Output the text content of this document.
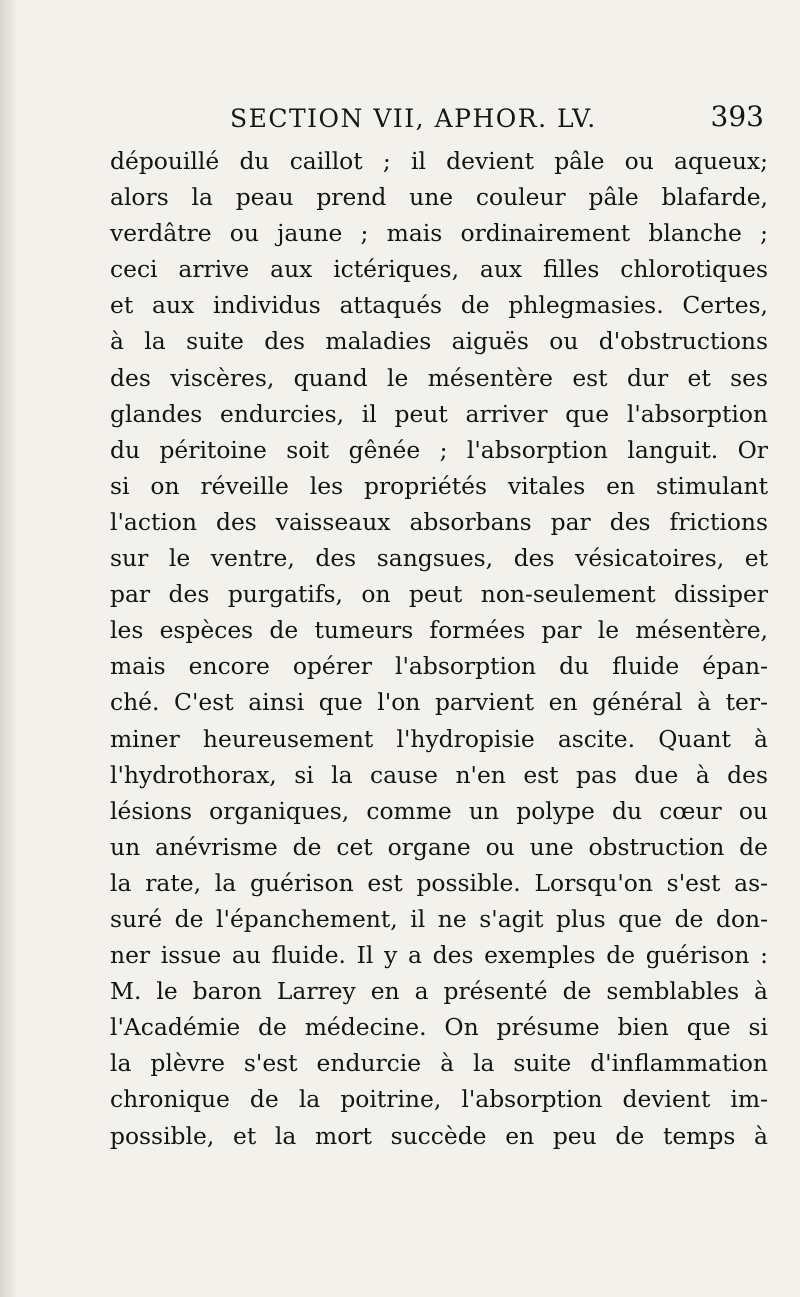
SECTION VII, APHOR. LV.	393
dépouillé du caillot ; il devient pâle ou aqueux;
alors la peau prend une couleur pâle blafarde,
verdâtre ou jaune ; mais ordinairement blanche ;
ceci arrive aux ictériques, aux filles chlorotiques
et aux individus attaqués de phlegmasies. Certes,
à la suite des maladies aiguës ou d'obstructions
des viscères, quand le mésentère est dur et ses
glandes endurcies, il peut arriver que l'absorption
du péritoine soit gênée ; l'absorption languit. Or
si on réveille les propriétés vitales en stimulant
l'action des vaisseaux absorbans par des frictions
sur le ventre, des sangsues, des vésicatoires, et
par des purgatifs, on peut non-seulement dissiper
les espèces de tumeurs formées par le mésentère,
mais encore opérer l'absorption du fluide épan-
ché. C'est ainsi que l'on parvient en général à ter-
miner heureusement l'hydropisie ascite. Quant à
l'hydrothorax, si la cause n'en est pas due à des
lésions organiques, comme un polype du cœur ou
un anévrisme de cet organe ou une obstruction de
la rate, la guérison est possible. Lorsqu'on s'est as-
suré de l'épanchement, il ne s'agit plus que de don-
ner issue au fluide. Il y a des exemples de guérison :
M. le baron Larrey en a présenté de semblables à
l'Académie de médecine. On présume bien que si
la plèvre s'est endurcie à la suite d'inflammation
chronique de la poitrine, l'absorption devient im-
possible, et la mort succède en peu de temps à
